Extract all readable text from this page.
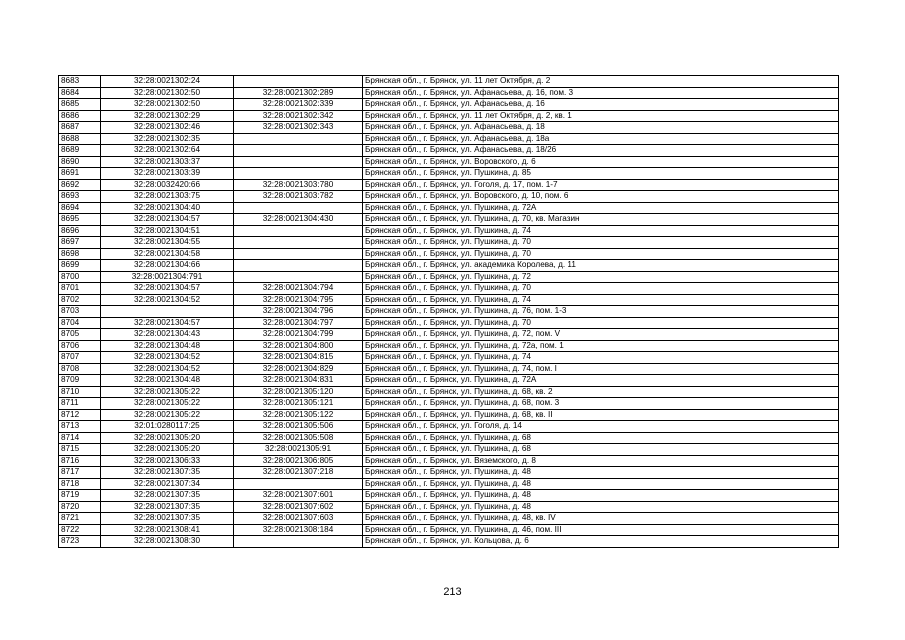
8683	32:28:0021302:24		Брянская обл., г. Брянск, ул. 11 лет Октября, д. 2
8684	32:28:0021302:50	32:28:0021302:289	Брянская обл., г. Брянск, ул. Афанасьева, д. 16, пом. 3
8685	32:28:0021302:50	32:28:0021302:339	Брянская обл., г. Брянск, ул. Афанасьева, д. 16
8686	32:28:0021302:29	32:28:0021302:342	Брянская обл., г. Брянск, ул. 11 лет Октября, д. 2, кв. 1
8687	32:28:0021302:46	32:28:0021302:343	Брянская обл., г. Брянск, ул. Афанасьева, д. 18
8688	32:28:0021302:35		Брянская обл., г. Брянск, ул. Афанасьева, д. 18а
8689	32:28:0021302:64		Брянская обл., г. Брянск, ул. Афанасьева, д. 18/26
8690	32:28:0021303:37		Брянская обл., г. Брянск, ул. Воровского, д. 6
8691	32:28:0021303:39		Брянская обл., г. Брянск, ул. Пушкина, д. 85
8692	32:28:0032420:66	32:28:0021303:780	Брянская обл., г. Брянск, ул. Гоголя, д. 17, пом. 1-7
8693	32:28:0021303:75	32:28:0021303:782	Брянская обл., г. Брянск, ул. Воровского, д. 10, пом. 6
8694	32:28:0021304:40		Брянская обл., г. Брянск, ул. Пушкина, д. 72А
8695	32:28:0021304:57	32:28:0021304:430	Брянская обл., г. Брянск, ул. Пушкина, д. 70, кв. Магазин
8696	32:28:0021304:51		Брянская обл., г. Брянск, ул. Пушкина, д. 74
8697	32:28:0021304:55		Брянская обл., г. Брянск, ул. Пушкина, д. 70
8698	32:28:0021304:58		Брянская обл., г. Брянск, ул. Пушкина, д. 70
8699	32:28:0021304:66		Брянская обл., г. Брянск, ул. академика Королева, д. 11
8700	32:28:0021304:791		Брянская обл., г. Брянск, ул. Пушкина, д. 72
8701	32:28:0021304:57	32:28:0021304:794	Брянская обл., г. Брянск, ул. Пушкина, д. 70
8702	32:28:0021304:52	32:28:0021304:795	Брянская обл., г. Брянск, ул. Пушкина, д. 74
8703		32:28:0021304:796	Брянская обл., г. Брянск, ул. Пушкина, д. 76, пом. 1-3
8704	32:28:0021304:57	32:28:0021304:797	Брянская обл., г. Брянск, ул. Пушкина, д. 70
8705	32:28:0021304:43	32:28:0021304:799	Брянская обл., г. Брянск, ул. Пушкина, д. 72, пом. V
8706	32:28:0021304:48	32:28:0021304:800	Брянская обл., г. Брянск, ул. Пушкина, д. 72а, пом. 1
8707	32:28:0021304:52	32:28:0021304:815	Брянская обл., г. Брянск, ул. Пушкина, д. 74
8708	32:28:0021304:52	32:28:0021304:829	Брянская обл., г. Брянск, ул. Пушкина, д. 74, пом. I
8709	32:28:0021304:48	32:28:0021304:831	Брянская обл., г. Брянск, ул. Пушкина, д. 72А
8710	32:28:0021305:22	32:28:0021305:120	Брянская обл., г. Брянск, ул. Пушкина, д. 68, кв. 2
8711	32:28:0021305:22	32:28:0021305:121	Брянская обл., г. Брянск, ул. Пушкина, д. 68, пом. 3
8712	32:28:0021305:22	32:28:0021305:122	Брянская обл., г. Брянск, ул. Пушкина, д. 68, кв. II
8713	32:01:0280117:25	32:28:0021305:506	Брянская обл., г. Брянск, ул. Гоголя, д. 14
8714	32:28:0021305:20	32:28:0021305:508	Брянская обл., г. Брянск, ул. Пушкина, д. 68
8715	32:28:0021305:20	32:28:0021305:91	Брянская обл., г. Брянск, ул. Пушкина, д. 68
8716	32:28:0021306:33	32:28:0021306:805	Брянская обл., г. Брянск, ул. Вяземского, д. 8
8717	32:28:0021307:35	32:28:0021307:218	Брянская обл., г. Брянск, ул. Пушкина, д. 48
8718	32:28:0021307:34		Брянская обл., г. Брянск, ул. Пушкина, д. 48
8719	32:28:0021307:35	32:28:0021307:601	Брянская обл., г. Брянск, ул. Пушкина, д. 48
8720	32:28:0021307:35	32:28:0021307:602	Брянская обл., г. Брянск, ул. Пушкина, д. 48
8721	32:28:0021307:35	32:28:0021307:603	Брянская обл., г. Брянск, ул. Пушкина, д. 48, кв. IV
8722	32:28:0021308:41	32:28:0021308:184	Брянская обл., г. Брянск, ул. Пушкина, д. 46, пом. III
8723	32:28:0021308:30		Брянская обл., г. Брянск, ул. Кольцова, д. 6
213
